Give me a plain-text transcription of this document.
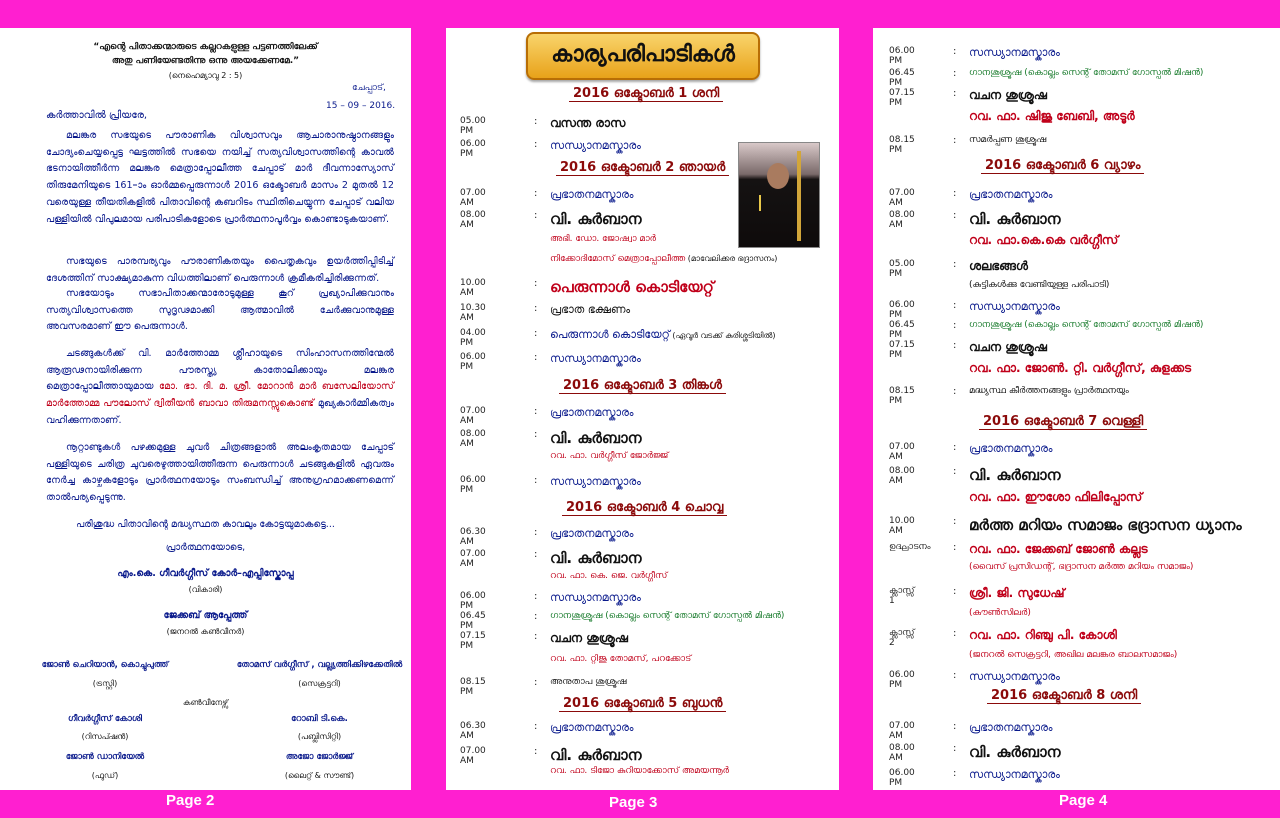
“എന്റെ പിതാക്കന്മാരുടെ കല്ലറകളുള്ള പട്ടണത്തിലേക്ക്
അതു പണിയേണ്ടതിന്നു ഒന്നു അയക്കേണമേ.”
(നെഹെമ്യാവു 2 : 5)
ചേപ്പാട്,
15 – 09 – 2016.
കർത്താവിൽ പ്രിയരേ,
മലങ്കര സഭയുടെ പൗരാണിക വിശ്വാസവും ആചാരാനുഷ്ഠാനങ്ങളും ചോദ്യംചെയ്യപ്പെട്ട ഘട്ടത്തിൽ സഭയെ നയിച്ച് സത്യവിശ്വാസത്തിന്റെ കാവൽ ഭടനായിത്തീർന്ന മലങ്കര മെത്രാപ്പോലീത്ത ചേപ്പാട് മാർ ദീവന്നാസ്യോസ് തിരുമേനിയുടെ 161–ാം ഓർമ്മപ്പെരുന്നാൾ 2016 ഒക്ടോബർ മാസം 2 മുതൽ 12 വരെയുള്ള തീയതികളിൽ പിതാവിന്റെ കബറിടം സ്ഥിതിചെയ്യുന്ന ചേപ്പാട് വലിയ പള്ളിയിൽ വിപുലമായ പരിപാടികളോടെ പ്രാർത്ഥനാപൂർവ്വം കൊണ്ടാടുകയാണ്.
സഭയുടെ പാരമ്പര്യവും പൗരാണികതയും പൈതൃകവും ഉയർത്തിപ്പിടിച്ച് ദേശത്തിന് സാക്ഷ്യമാകുന്ന വിധത്തിലാണ് പെരുന്നാൾ ക്രമീകരിച്ചിരിക്കുന്നത്.
സഭയോടും സഭാപിതാക്കന്മാരോടുമുള്ള കൂറ് പ്രഖ്യാപിക്കുവാനും സത്യവിശ്വാസത്തെ സുദൃഢമാക്കി ആത്മാവിൽ ചേർക്കുവാനുമുള്ള അവസരമാണ് ഈ പെരുന്നാൾ.
ചടങ്ങുകൾക്ക് വി. മാർത്തോമ്മ ശ്ലീഹായുടെ സിംഹാസനത്തിന്മേൽ ആരൂഢനായിരിക്കുന്ന പൗരസ്ത്യ കാതോലിക്കായും മലങ്കര മെത്രാപ്പോലീത്തായുമായ മോ. ഭാ. ദി. മ. ശ്രീ. മോറാൻ മാർ ബസേലിയോസ് മാർത്തോമ്മ പൗലോസ് ദ്വിതീയൻ ബാവാ തിരുമനസ്സുകൊണ്ട് മുഖ്യകാർമ്മികത്വം വഹിക്കുന്നതാണ്.
നൂറ്റാണ്ടുകൾ പഴക്കമുള്ള ചുവർ ചിത്രങ്ങളാൽ അലംകൃതമായ ചേപ്പാട് പള്ളിയുടെ ചരിത്ര ചുവരെഴുത്തായിത്തീരുന്ന പെരുന്നാൾ ചടങ്ങുകളിൽ ഏവരും നേർച്ച കാഴ്ചകളോടും പ്രാർത്ഥനയോടും സംബന്ധിച്ച് അനുഗ്രഹമാക്കണമെന്ന് താൽപര്യപ്പെടുന്നു.
പരിശുദ്ധ പിതാവിന്റെ മദ്ധ്യസ്ഥത കാവലും കോട്ടയുമാകട്ടെ...
പ്രാർത്ഥനയോടെ,
എം.കെ. ഗീവർഗ്ഗീസ് കോർ–എപ്പിസ്കോപ്പ
(വികാരി)
ജേക്കബ് ആപ്പേത്ത്
(ജനറൽ കൺവീനർ)
ജോൺ ചെറിയാൻ, കൊച്ചുപുത്ത്
(ട്രസ്റ്റി)
തോമസ് വർഗ്ഗീസ് , വല്ല്യത്തിക്കിഴക്കേതിൽ
(സെക്രട്ടറി)
കൺവീനേഴ്സ്
ഗീവർഗ്ഗീസ് കോശി
(റിസപ്ഷൻ)
റോബി ടി.കെ.
(പബ്ലിസിറ്റി)
ജോൺ ഡാനിയേൽ
(ഫുഡ്)
അജോ ജോർജ്ജ്
(ലൈറ്റ് & സൗണ്ട്)
കാര്യപരിപാടികൾ
2016 ഒക്ടോബർ 1 ശനി
2016 ഒക്ടോബർ 2 ഞായർ
2016 ഒക്ടോബർ 3 തിങ്കൾ
2016 ഒക്ടോബർ 4 ചൊവ്വ
2016 ഒക്ടോബർ 5 ബുധൻ
05.00 PM
: വസന്ത രാസ
06.00 PM
: സന്ധ്യാനമസ്കാരം
07.00 AM
: പ്രഭാതനമസ്കാരം
08.00 AM
: വി. കുർബാന
അഭി. ഡോ. ജോഷ്വാ മാർ
നിക്കോദിമോസ് മെത്രാപ്പോലീത്ത (മാവേലിക്കര ഭദ്രാസനം)
10.00 AM
: പെരുന്നാൾ കൊടിയേറ്റ്
10.30 AM
: പ്രഭാത ഭക്ഷണം
04.00 PM
: പെരുന്നാൾ കൊടിയേറ്റ് (ഏവൂർ വടക്ക് കുരിശ്ശടിയിൽ)
06.00 PM
: സന്ധ്യാനമസ്കാരം
07.00 AM
: പ്രഭാതനമസ്കാരം
08.00 AM
: വി. കുർബാന
റവ. ഫാ. വർഗ്ഗീസ് ജോർജ്ജ്
06.00 PM
: സന്ധ്യാനമസ്കാരം
06.30 AM
: പ്രഭാതനമസ്കാരം
07.00 AM
: വി. കുർബാന
റവ. ഫാ. കെ. ജെ. വർഗ്ഗീസ്
06.00 PM
: സന്ധ്യാനമസ്കാരം
06.45 PM
: ഗാനശുശ്രൂഷ (കൊല്ലം സെന്റ് തോമസ് ഗോസ്പൽ മിഷൻ)
07.15 PM
: വചന ശുശ്രൂഷ
റവ. ഫാ. റ്റിജു തോമസ്, പറക്കോട്
08.15 PM
: അനുതാപ ശുശ്രൂഷ
06.30 AM
: പ്രഭാതനമസ്കാരം
07.00 AM
: വി. കുർബാന
റവ. ഫാ. ടിജോ കുറിയാക്കോസ് അമയന്നൂർ
2016 ഒക്ടോബർ 6 വ്യാഴം
2016 ഒക്ടോബർ 7 വെള്ളി
2016 ഒക്ടോബർ 8 ശനി
06.00 PM
: സന്ധ്യാനമസ്കാരം
06.45 PM
: ഗാനശുശ്രൂഷ (കൊല്ലം സെന്റ് തോമസ് ഗോസ്പൽ മിഷൻ)
07.15 PM
: വചന ശുശ്രൂഷ
റവ. ഫാ. ഷിജു ബേബി, അടൂർ
08.15 PM
: സമർപ്പണ ശുശ്രൂഷ
07.00 AM
: പ്രഭാതനമസ്കാരം
08.00 AM
: വി. കുർബാന
റവ. ഫാ.കെ.കെ വർഗ്ഗീസ്
05.00 PM
: ശലഭങ്ങൾ
(കുട്ടികൾക്കു വേണ്ടിയുള്ള പരിപാടി)
06.00 PM
: സന്ധ്യാനമസ്കാരം
06.45 PM
: ഗാനശുശ്രൂഷ (കൊല്ലം സെന്റ് തോമസ് ഗോസ്പൽ മിഷൻ)
07.15 PM
: വചന ശുശ്രൂഷ
റവ. ഫാ. ജോൺ. റ്റി. വർഗ്ഗീസ്, കുളക്കട
08.15 PM
: മദ്ധ്യസ്ഥ കീർത്തനങ്ങളും പ്രാർത്ഥനയും
07.00 AM
: പ്രഭാതനമസ്കാരം
08.00 AM
: വി. കുർബാന
റവ. ഫാ. ഈശോ ഫിലിപ്പോസ്
10.00 AM
: മർത്ത മറിയം സമാജം ഭദ്രാസന ധ്യാനം
ഉദ്ഘാടനം : റവ. ഫാ. ജേക്കബ് ജോൺ കല്ലട
(വൈസ് പ്രസിഡന്റ്, ഭദ്രാസന മർത്ത മറിയം സമാജം)
ക്ലാസ്സ് 1
: ശ്രീ. ജി. സുധേഷ്
(കൗൺസിലർ)
ക്ലാസ്സ് 2
: റവ. ഫാ. റിഞ്ചു പി. കോശി
(ജനറൽ സെക്രട്ടറി, അഖില മലങ്കര ബാലസമാജം)
06.00 PM
: സന്ധ്യാനമസ്കാരം
07.00 AM
: പ്രഭാതനമസ്കാരം
08.00 AM
: വി. കുർബാന
06.00 PM
: സന്ധ്യാനമസ്കാരം
Page 2	Page 3	Page 4
